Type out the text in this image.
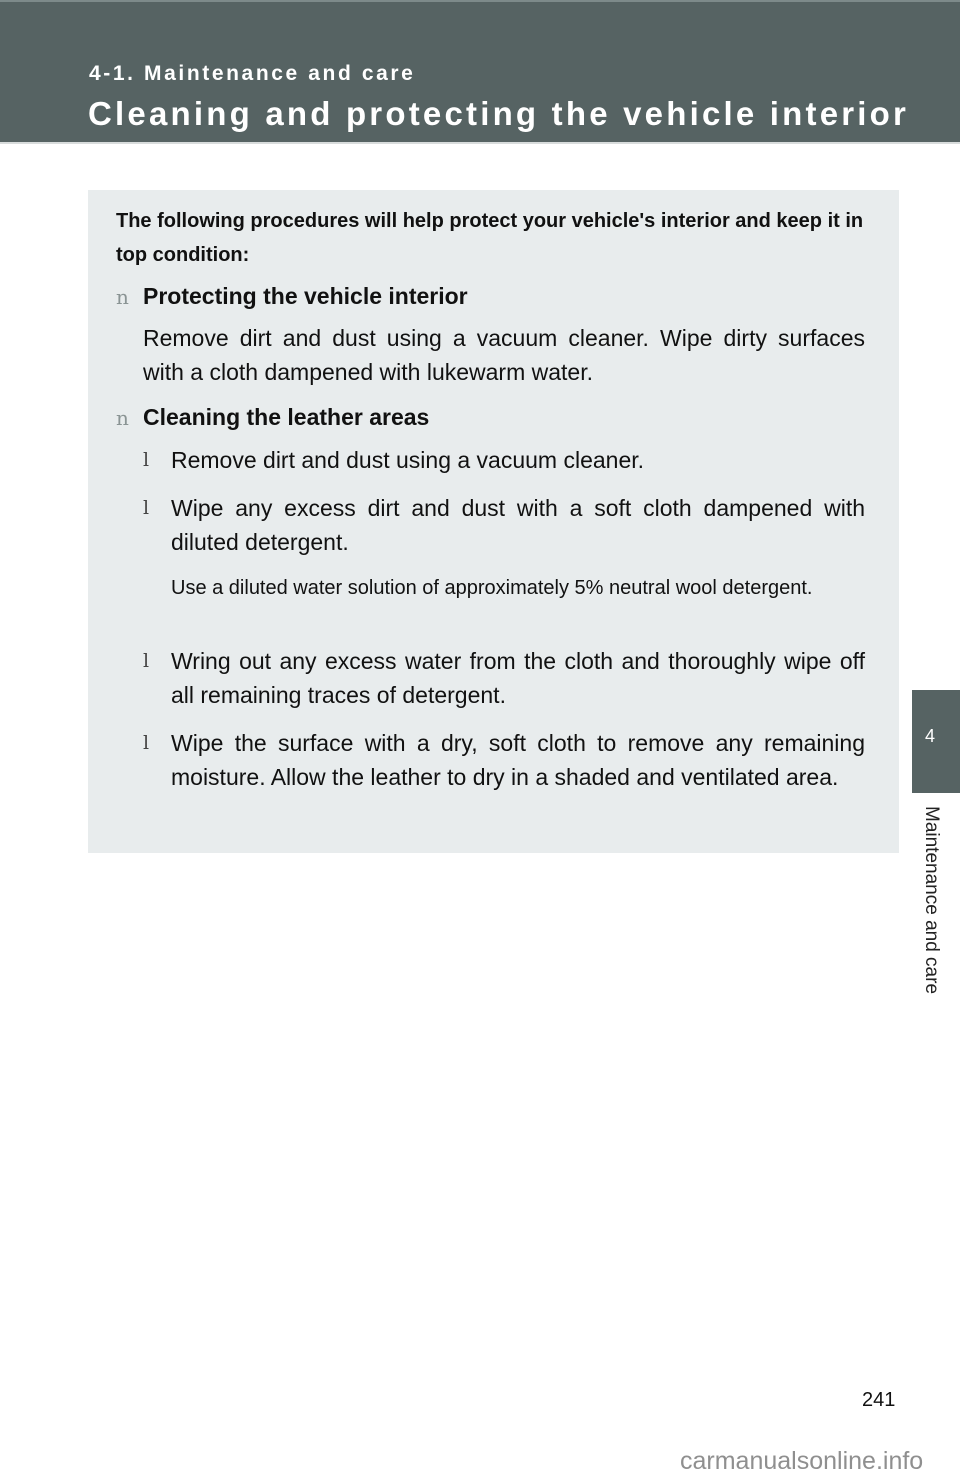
4-1. Maintenance and care
Cleaning and protecting the vehicle interior
The following procedures will help protect your vehicle's interior and keep it in top condition:
n Protecting the vehicle interior
Remove dirt and dust using a vacuum cleaner. Wipe dirty surfaces with a cloth dampened with lukewarm water.
n Cleaning the leather areas
l Remove dirt and dust using a vacuum cleaner.
l Wipe any excess dirt and dust with a soft cloth dampened with diluted detergent.
Use a diluted water solution of approximately 5% neutral wool detergent.
l Wring out any excess water from the cloth and thoroughly wipe off all remaining traces of detergent.
l Wipe the surface with a dry, soft cloth to remove any remaining moisture. Allow the leather to dry in a shaded and ventilated area.
4
Maintenance and care
241
carmanualsonline.info
